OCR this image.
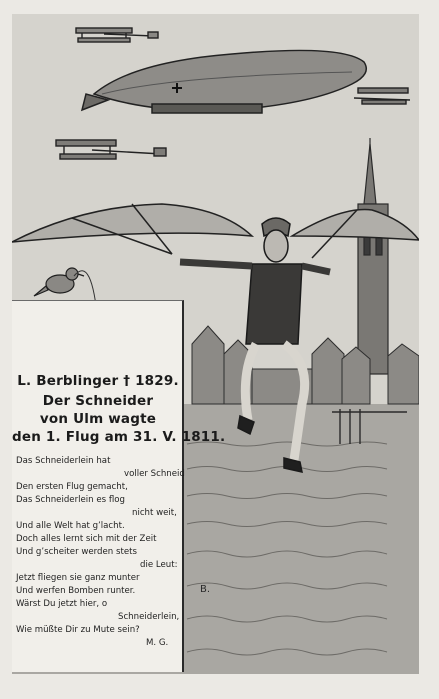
B.
L. Berblinger † 1829.
Der Schneider
von Ulm wagte
den 1. Flug am 31. V. 1811.
Das Schneiderlein hat
voller Schneid
Den ersten Flug gemacht,
Das Schneiderlein es flog
nicht weit,
Und alle Welt hat g’lacht.
Doch alles lernt sich mit der Zeit
Und g’scheiter werden stets
die Leut:
Jetzt fliegen sie ganz munter
Und werfen Bomben runter.
Wärst Du jetzt hier, o
Schneiderlein,
Wie müßte Dir zu Mute sein?
M. G.
